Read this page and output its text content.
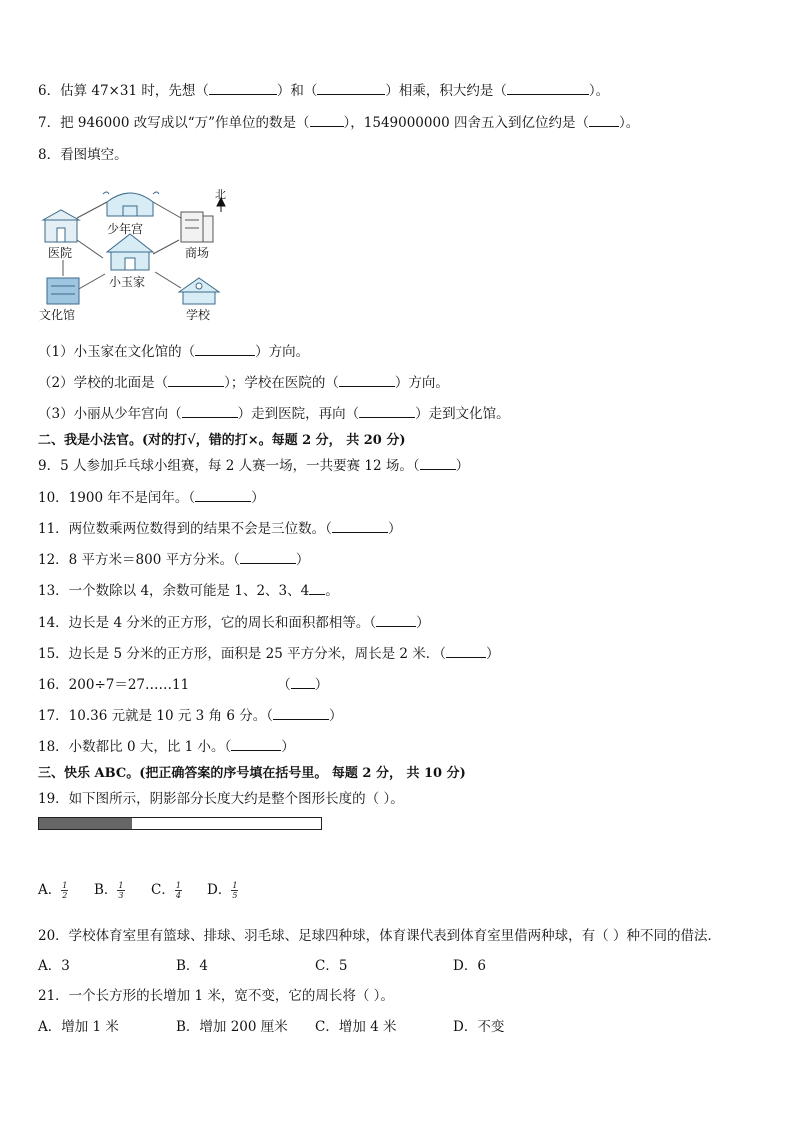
6．估算 47×31 时，先想（	）和（	）相乘，积大约是（	）。
7．把 946000 改写成以“万”作单位的数是（	），1549000000 四舍五入到亿位约是（ ）。
8．看图填空。
少年宫
医院	商场
小玉家
文化馆	学校
北
（1）小玉家在文化馆的（	）方向。
（2）学校的北面是（	）；学校在医院的（	）方向。
（3）小丽从少年宫向（	）走到医院，再向（	）走到文化馆。
二、我是小法官。(对的打√，错的打×。每题 2 分， 共 20 分)
9．5 人参加乒乓球小组赛，每 2 人赛一场，一共要赛 12 场。（	）
10．1900 年不是闰年。（	）
11．两位数乘两位数得到的结果不会是三位数。（	）
12．8 平方米＝800 平方分米。（	）
13．一个数除以 4，余数可能是 1、2、3、4 。
14．边长是 4 分米的正方形，它的周长和面积都相等。（	）
15．边长是 5 分米的正方形，面积是 25 平方分米，周长是 2 米．（	）
16．200÷7＝27……11	（ ）
17．10.36 元就是 10 元 3 角 6 分。（	）
18．小数都比 0 大，比 1 小。（	）
三、快乐 ABC。(把正确答案的序号填在括号里。 每题 2 分， 共 10 分)
19．如下图所示，阴影部分长度大约是整个图形长度的（ ）。
A． $\frac{1}{2}$ B． $\frac{1}{3}$ C． $\frac{1}{4}$ D． $\frac{1}{5}$
20．学校体育室里有篮球、排球、羽毛球、足球四种球，体育课代表到体育室里借两种球，有（ ）种不同的借法．
A．3	B．4	C．5	D．6
21．一个长方形的长增加 1 米，宽不变，它的周长将（ ）。
A．增加 1 米	B．增加 200 厘米 C．增加 4 米	D．不变
